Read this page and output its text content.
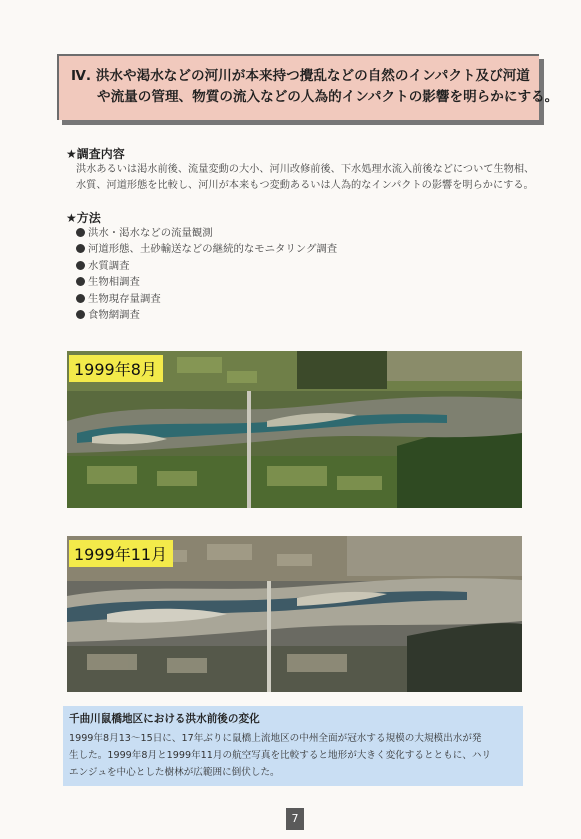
Ⅳ. 洪水や渇水などの河川が本来持つ攪乱などの自然のインパクト及び河道
や流量の管理、物質の流入などの人為的インパクトの影響を明らかにする。
★調査内容
洪水あるいは渇水前後、流量変動の大小、河川改修前後、下水処理水流入前後などについて生物相、
水質、河道形態を比較し、河川が本来もつ変動あるいは人為的なインパクトの影響を明らかにする。
★方法
洪水・渇水などの流量観測
河道形態、土砂輸送などの継続的なモニタリング調査
水質調査
生物相調査
生物現存量調査
食物網調査
1999年8月
1999年11月
千曲川鼠橋地区における洪水前後の変化
1999年8月13～15日に、17年ぶりに鼠橋上流地区の中州全面が冠水する規模の大規模出水が発
生した。1999年8月と1999年11月の航空写真を比較すると地形が大きく変化するとともに、ハリ
エンジュを中心とした樹林が広範囲に倒伏した。
7
